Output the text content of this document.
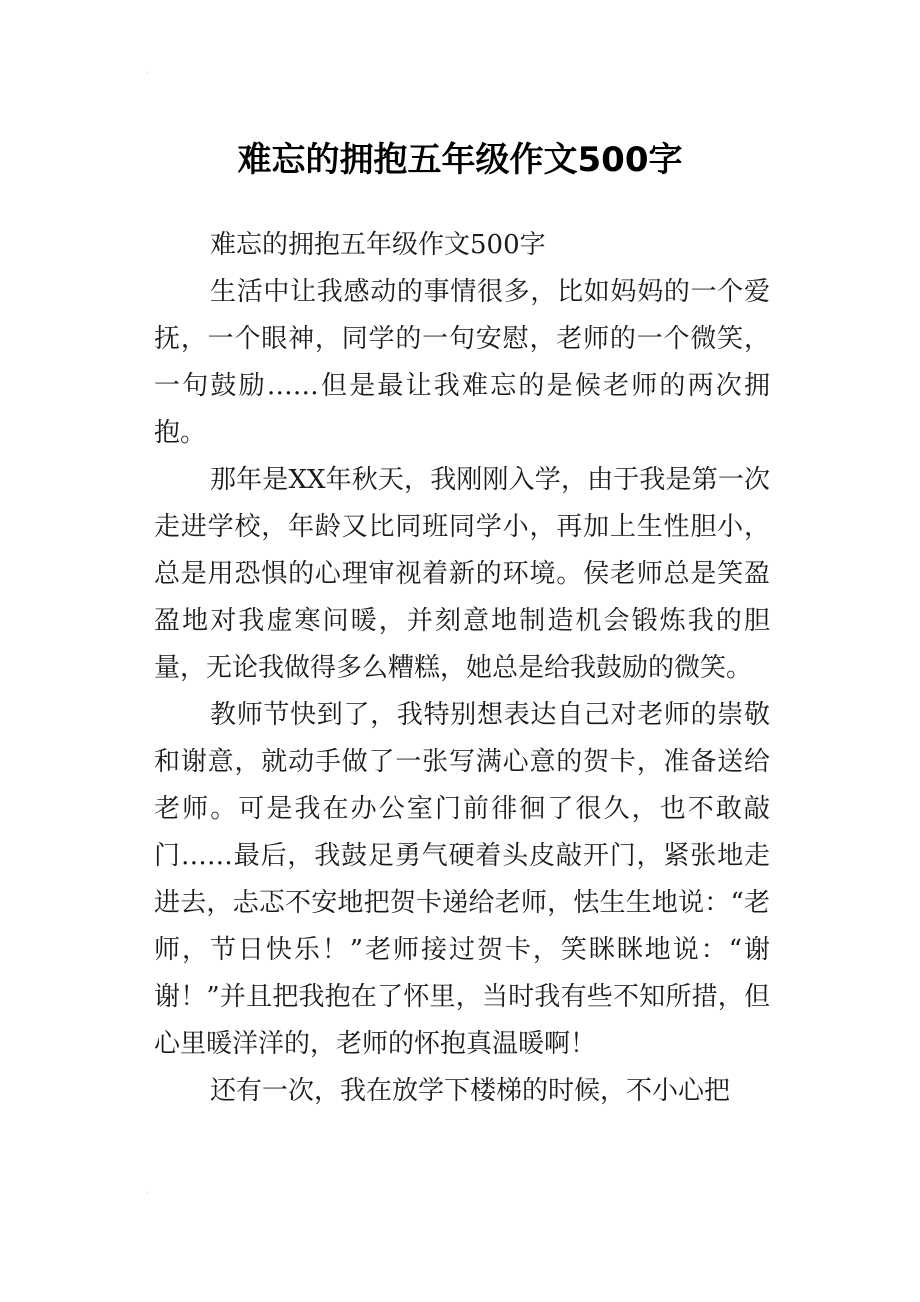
ˌ
难忘的拥抱五年级作文500字

难忘的拥抱五年级作文500字

生活中让我感动的事情很多，比如妈妈的一个爱抚，一个眼神，同学的一句安慰，老师的一个微笑，一句鼓励……但是最让我难忘的是候老师的两次拥抱。

那年是XX年秋天，我刚刚入学，由于我是第一次走进学校，年龄又比同班同学小，再加上生性胆小，总是用恐惧的心理审视着新的环境。侯老师总是笑盈盈地对我虚寒问暖，并刻意地制造机会锻炼我的胆量，无论我做得多么糟糕，她总是给我鼓励的微笑。

教师节快到了，我特别想表达自己对老师的崇敬和谢意，就动手做了一张写满心意的贺卡，准备送给老师。可是我在办公室门前徘徊了很久，也不敢敲门……最后，我鼓足勇气硬着头皮敲开门，紧张地走进去，忐忑不安地把贺卡递给老师，怯生生地说：“老师，节日快乐！”老师接过贺卡，笑眯眯地说：“谢谢！”并且把我抱在了怀里，当时我有些不知所措，但心里暖洋洋的，老师的怀抱真温暖啊！

还有一次，我在放学下楼梯的时候，不小心把

ˌ
